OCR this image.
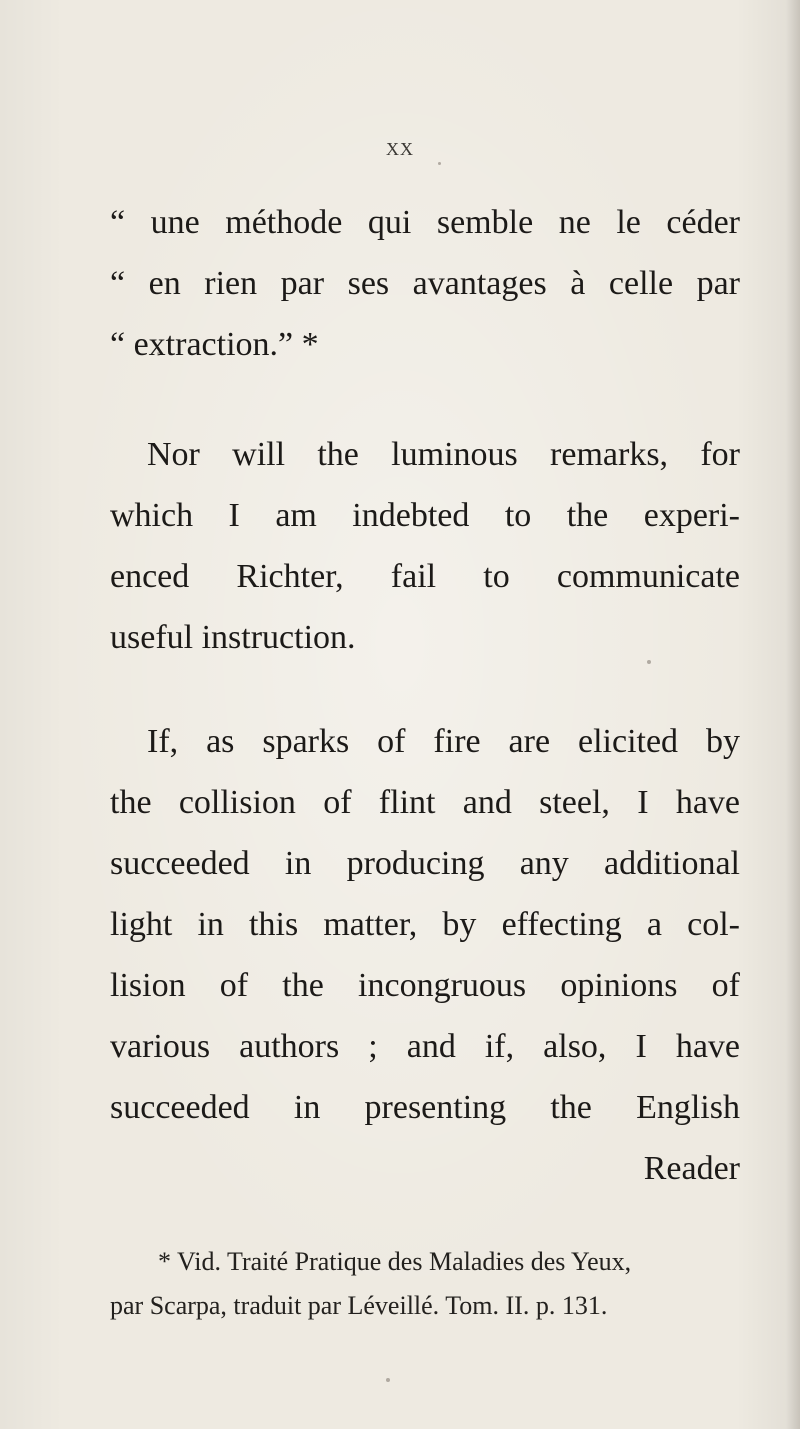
xx
“ une méthode qui semble ne le céder
“ en rien par ses avantages à celle par
“ extraction.” *
Nor will the luminous remarks, for
which I am indebted to the experi-
enced Richter, fail to communicate
useful instruction.
If, as sparks of fire are elicited by
the collision of flint and steel, I have
succeeded in producing any additional
light in this matter, by effecting a col-
lision of the incongruous opinions of
various authors ; and if, also, I have
succeeded in presenting the English
Reader
* Vid. Traité Pratique des Maladies des Yeux,
par Scarpa, traduit par Léveillé. Tom. II. p. 131.
